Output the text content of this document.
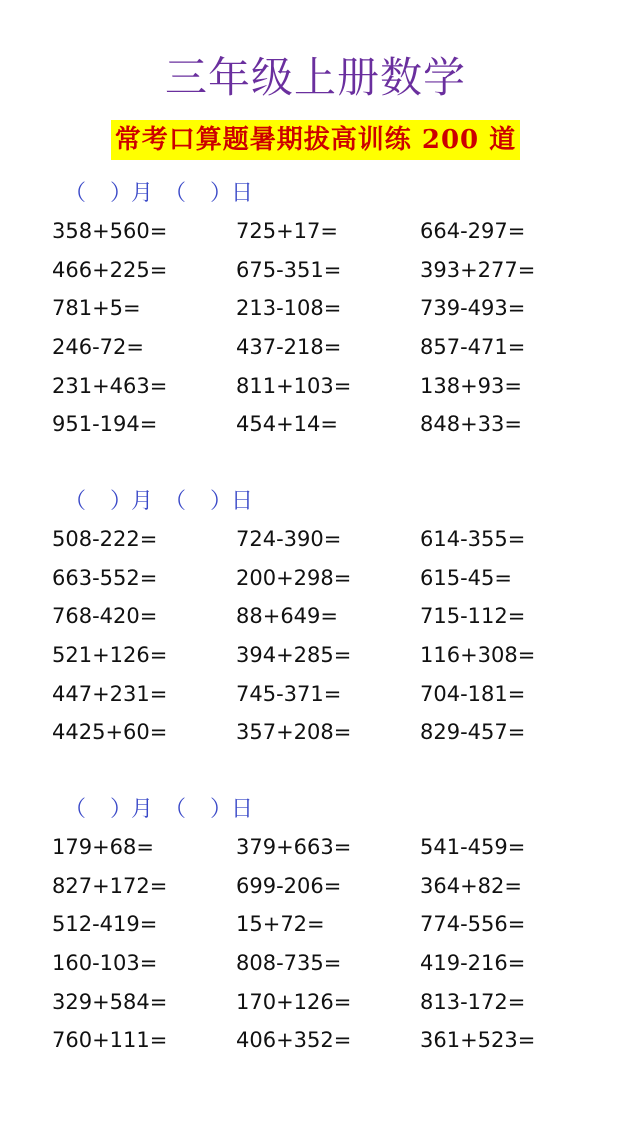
三年级上册数学
常考口算题暑期拔高训练 200 道
（ ）
月 （ ）
日
358+560=	725+17=	664-297=
466+225=	675-351=	393+277=
781+5=	213-108=	739-493=
246-72=	437-218=	857-471=
231+463=	811+103=	138+93=
951-194=	454+14=	848+33=
（ ）
月 （ ）
日
508-222=	724-390=	614-355=
663-552=	200+298=	615-45=
768-420=	88+649=	715-112=
521+126=	394+285=	116+308=
447+231=	745-371=	704-181=
4425+60=	357+208=	829-457=
（ ）
月 （ ）
日
179+68=	379+663=	541-459=
827+172=	699-206=	364+82=
512-419=	15+72=	774-556=
160-103=	808-735=	419-216=
329+584=	170+126=	813-172=
760+111=	406+352=	361+523=
